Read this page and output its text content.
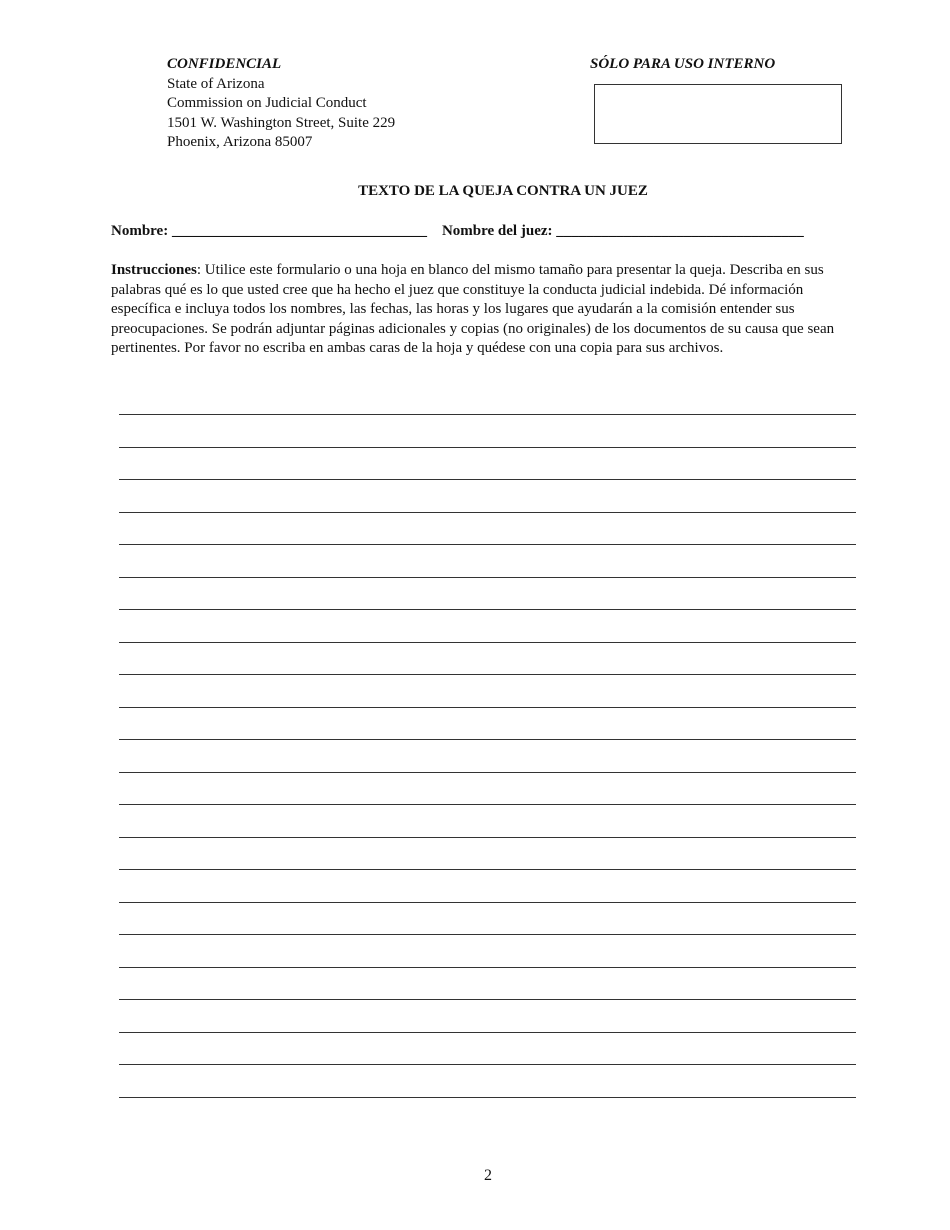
CONFIDENCIAL
State of Arizona
Commission on Judicial Conduct
1501 W. Washington Street, Suite 229
Phoenix, Arizona 85007
SÓLO PARA USO INTERNO
TEXTO DE LA QUEJA CONTRA UN JUEZ
Nombre: __________________________________ Nombre del juez: _________________________________
Instrucciones: Utilice este formulario o una hoja en blanco del mismo tamaño para presentar la queja. Describa en sus palabras qué es lo que usted cree que ha hecho el juez que constituye la conducta judicial indebida. Dé información específica e incluya todos los nombres, las fechas, las horas y los lugares que ayudarán a la comisión entender sus preocupaciones. Se podrán adjuntar páginas adicionales y copias (no originales) de los documentos de su causa que sean pertinentes. Por favor no escriba en ambas caras de la hoja y quédese con una copia para sus archivos.
2
